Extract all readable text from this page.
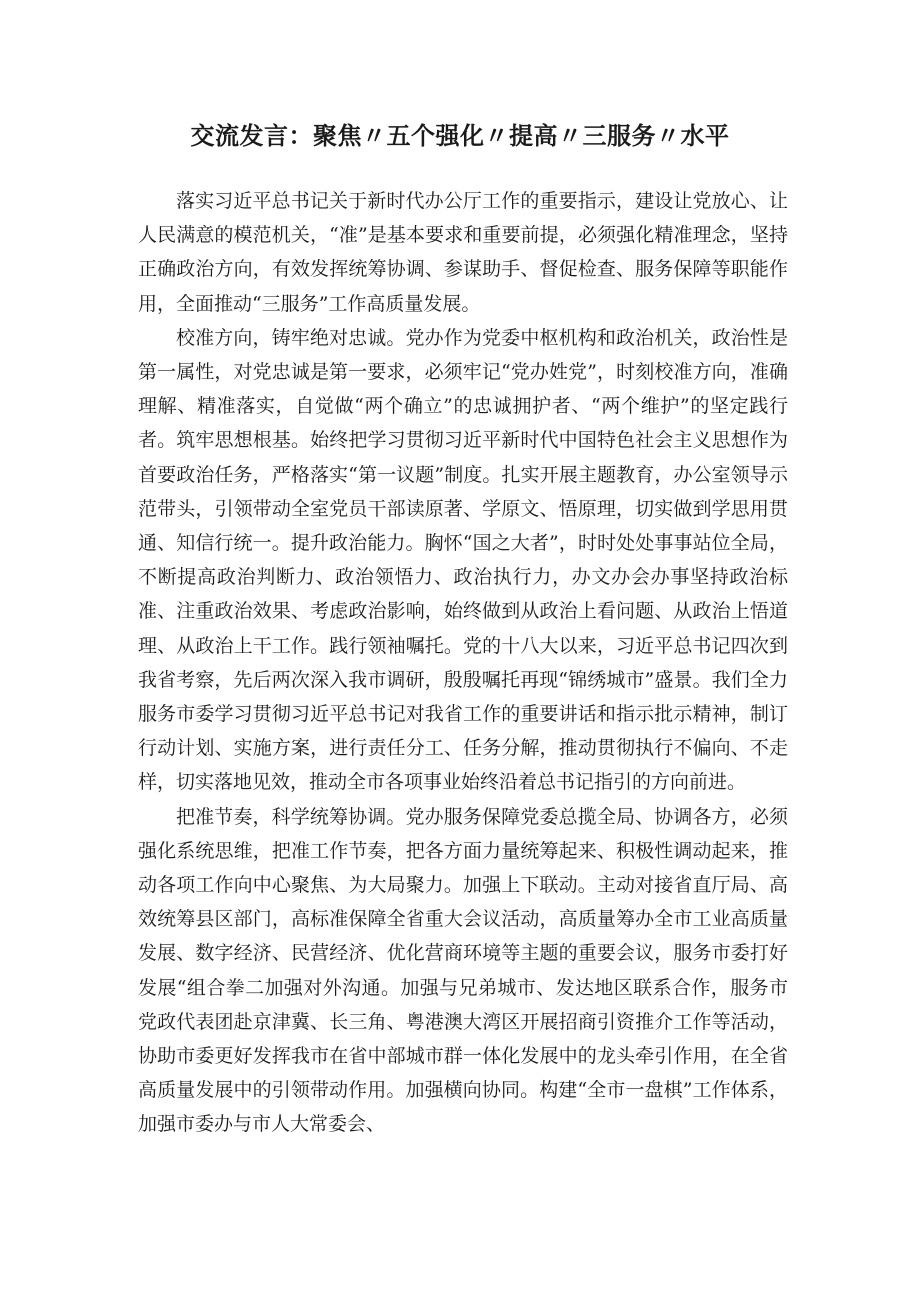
交流发言：聚焦〃五个强化〃提高〃三服务〃水平

落实习近平总书记关于新时代办公厅工作的重要指示，建设让党放心、让人民满意的模范机关，“准”是基本要求和重要前提，必须强化精准理念，坚持正确政治方向，有效发挥统筹协调、参谋助手、督促检查、服务保障等职能作用，全面推动“三服务”工作高质量发展。

校准方向，铸牢绝对忠诚。党办作为党委中枢机构和政治机关，政治性是第一属性，对党忠诚是第一要求，必须牢记“党办姓党”，时刻校准方向，准确理解、精准落实，自觉做“两个确立”的忠诚拥护者、“两个维护”的坚定践行者。筑牢思想根基。始终把学习贯彻习近平新时代中国特色社会主义思想作为首要政治任务，严格落实“第一议题”制度。扎实开展主题教育，办公室领导示范带头，引领带动全室党员干部读原著、学原文、悟原理，切实做到学思用贯通、知信行统一。提升政治能力。胸怀“国之大者”，时时处处事事站位全局，不断提高政治判断力、政治领悟力、政治执行力，办文办会办事坚持政治标准、注重政治效果、考虑政治影响，始终做到从政治上看问题、从政治上悟道理、从政治上干工作。践行领袖嘱托。党的十八大以来，习近平总书记四次到我省考察，先后两次深入我市调研，殷殷嘱托再现“锦绣城市”盛景。我们全力服务市委学习贯彻习近平总书记对我省工作的重要讲话和指示批示精神，制订行动计划、实施方案，进行责任分工、任务分解，推动贯彻执行不偏向、不走样，切实落地见效，推动全市各项事业始终沿着总书记指引的方向前进。

把准节奏，科学统筹协调。党办服务保障党委总揽全局、协调各方，必须强化系统思维，把准工作节奏，把各方面力量统筹起来、积极性调动起来，推动各项工作向中心聚焦、为大局聚力。加强上下联动。主动对接省直厅局、高效统筹县区部门，高标准保障全省重大会议活动，高质量筹办全市工业高质量发展、数字经济、民营经济、优化营商环境等主题的重要会议，服务市委打好发展“组合拳二加强对外沟通。加强与兄弟城市、发达地区联系合作，服务市党政代表团赴京津冀、长三角、粤港澳大湾区开展招商引资推介工作等活动，协助市委更好发挥我市在省中部城市群一体化发展中的龙头牵引作用，在全省高质量发展中的引领带动作用。加强横向协同。构建“全市一盘棋”工作体系，加强市委办与市人大常委会、
